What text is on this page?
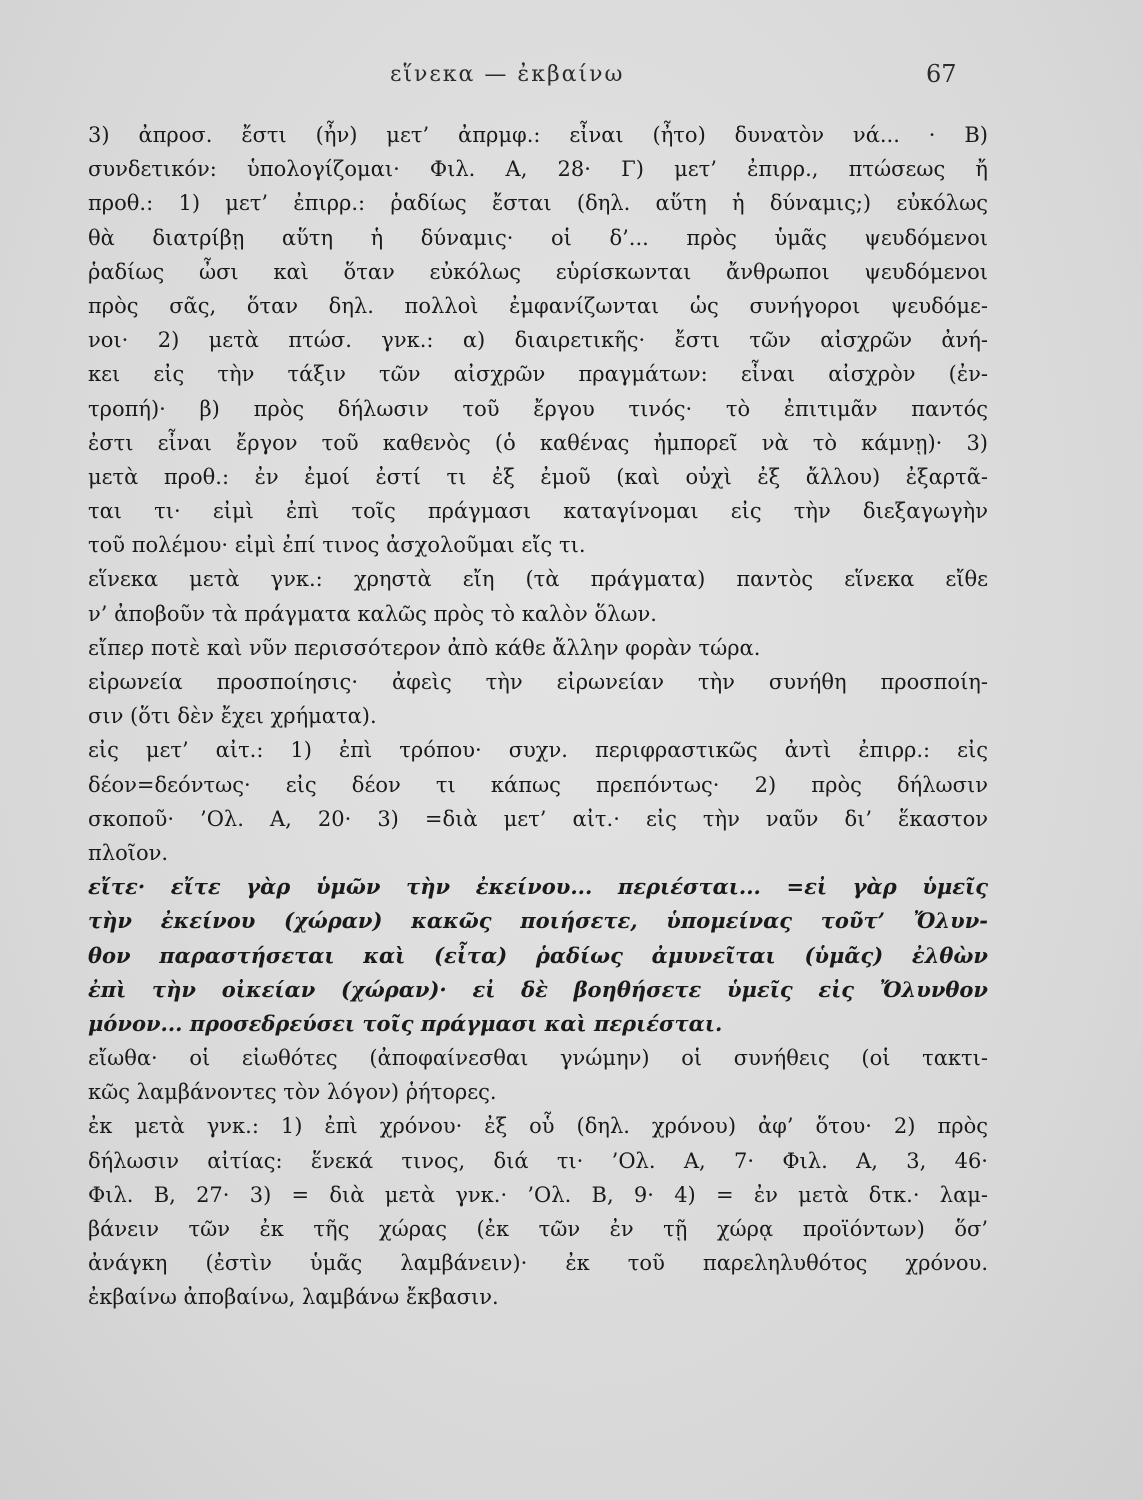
εἵνεκα — ἐκβαίνω	67
3) ἀπροσ. ἔστι (ἦν) μετ’ ἀπρμφ.: εἶναι (ἦτο) δυνατὸν νά... · Β)
συνδετικόν: ὑπολογίζομαι· Φιλ. Α, 28· Γ) μετ’ ἐπιρρ., πτώσεως ἤ
προθ.: 1) μετ’ ἐπιρρ.: ῥαδίως ἔσται (δηλ. αὕτη ἡ δύναμις;) εὐκόλως
θὰ διατρίβῃ αὕτη ἡ δύναμις· οἱ δ’... πρὸς ὑμᾶς ψευδόμενοι
ῥαδίως ὦσι καὶ ὅταν εὐκόλως εὑρίσκωνται ἄνθρωποι ψευδόμενοι
πρὸς σᾶς, ὅταν δηλ. πολλοὶ ἐμφανίζωνται ὡς συνήγοροι ψευδόμε-
νοι· 2) μετὰ πτώσ. γνκ.: α) διαιρετικῆς· ἔστι τῶν αἰσχρῶν ἀνή-
κει εἰς τὴν τάξιν τῶν αἰσχρῶν πραγμάτων: εἶναι αἰσχρὸν (ἐν-
τροπή)· β) πρὸς δήλωσιν τοῦ ἔργου τινός· τὸ ἐπιτιμᾶν παντός
ἐστι εἶναι ἔργον τοῦ καθενὸς (ὁ καθένας ἠμπορεῖ νὰ τὸ κάμνῃ)· 3)
μετὰ προθ.: ἐν ἐμοί ἐστί τι ἐξ ἐμοῦ (καὶ οὐχὶ ἐξ ἄλλου) ἐξαρτᾶ-
ται τι· εἰμὶ ἐπὶ τοῖς πράγμασι καταγίνομαι εἰς τὴν διεξαγωγὴν
τοῦ πολέμου· εἰμὶ ἐπί τινος ἀσχολοῦμαι εἴς τι.
εἵνεκα μετὰ γνκ.: χρηστὰ εἴη (τὰ πράγματα) παντὸς εἵνεκα εἴθε
ν’ ἀποβοῦν τὰ πράγματα καλῶς πρὸς τὸ καλὸν ὅλων.
εἴπερ ποτὲ καὶ νῦν περισσότερον ἀπὸ κάθε ἄλλην φορὰν τώρα.
εἰρωνεία προσποίησις· ἀφεὶς τὴν εἰρωνείαν τὴν συνήθη προσποίη-
σιν (ὅτι δὲν ἔχει χρήματα).
εἰς μετ’ αἰτ.: 1) ἐπὶ τρόπου· συχν. περιφραστικῶς ἀντὶ ἐπιρρ.: εἰς
δέον=δεόντως· εἰς δέον τι κάπως πρεπόντως· 2) πρὸς δήλωσιν
σκοποῦ· ’Ολ. Α, 20· 3) =διὰ μετ’ αἰτ.· εἰς τὴν ναῦν δι’ ἕκαστον
πλοῖον.
εἴτε· εἴτε γὰρ ὑμῶν τὴν ἐκείνου... περιέσται... =εἰ γὰρ ὑμεῖς
τὴν ἐκείνου (χώραν) κακῶς ποιήσετε, ὑπομείνας τοῦτ’ Ὄλυν-
θον παραστήσεται καὶ (εἶτα) ῥαδίως ἀμυνεῖται (ὑμᾶς) ἐλθὼν
ἐπὶ τὴν οἰκείαν (χώραν)· εἰ δὲ βοηθήσετε ὑμεῖς εἰς Ὄλυνθον
μόνον... προσεδρεύσει τοῖς πράγμασι καὶ περιέσται.
εἴωθα· οἱ εἰωθότες (ἀποφαίνεσθαι γνώμην) οἱ συνήθεις (οἱ τακτι-
κῶς λαμβάνοντες τὸν λόγον) ῥήτορες.
ἐκ μετὰ γνκ.: 1) ἐπὶ χρόνου· ἐξ οὗ (δηλ. χρόνου) ἀφ’ ὅτου· 2) πρὸς
δήλωσιν αἰτίας: ἕνεκά τινος, διά τι· ’Ολ. Α, 7· Φιλ. Α, 3, 46·
Φιλ. Β, 27· 3) = διὰ μετὰ γνκ.· ’Ολ. Β, 9· 4) = ἐν μετὰ δτκ.· λαμ-
βάνειν τῶν ἐκ τῆς χώρας (ἐκ τῶν ἐν τῇ χώρᾳ προϊόντων) ὅσ’
ἀνάγκη (ἐστὶν ὑμᾶς λαμβάνειν)· ἐκ τοῦ παρεληλυθότος χρόνου.
ἐκβαίνω ἀποβαίνω, λαμβάνω ἔκβασιν.
